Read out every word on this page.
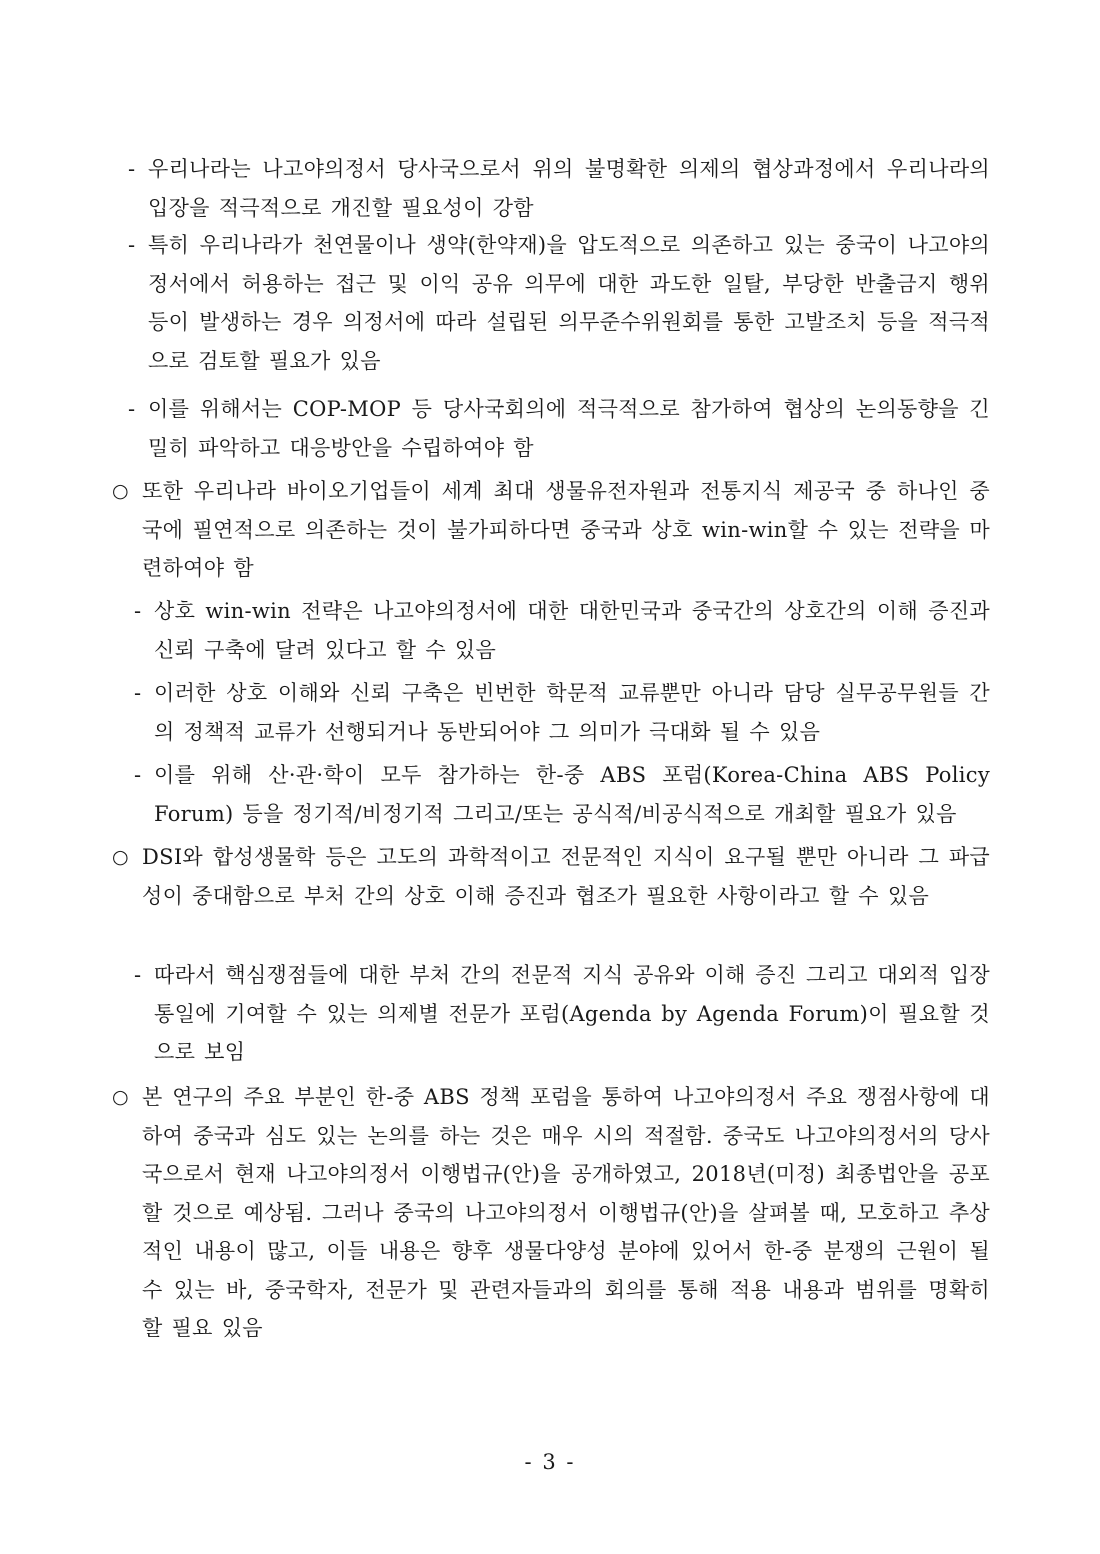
- 우리나라는 나고야의정서 당사국으로서 위의 불명확한 의제의 협상과정에서 우리나라의 입장을 적극적으로 개진할 필요성이 강함
- 특히 우리나라가 천연물이나 생약(한약재)을 압도적으로 의존하고 있는 중국이 나고야의정서에서 허용하는 접근 및 이익 공유 의무에 대한 과도한 일탈, 부당한 반출금지 행위 등이 발생하는 경우 의정서에 따라 설립된 의무준수위원회를 통한 고발조치 등을 적극적으로 검토할 필요가 있음
- 이를 위해서는 COP-MOP 등 당사국회의에 적극적으로 참가하여 협상의 논의동향을 긴밀히 파악하고 대응방안을 수립하여야 함
○ 또한 우리나라 바이오기업들이 세계 최대 생물유전자원과 전통지식 제공국 중 하나인 중국에 필연적으로 의존하는 것이 불가피하다면 중국과 상호 win-win할 수 있는 전략을 마련하여야 함
- 상호 win-win 전략은 나고야의정서에 대한 대한민국과 중국간의 상호간의 이해 증진과 신뢰 구축에 달려 있다고 할 수 있음
- 이러한 상호 이해와 신뢰 구축은 빈번한 학문적 교류뿐만 아니라 담당 실무공무원들 간의 정책적 교류가 선행되거나 동반되어야 그 의미가 극대화 될 수 있음
- 이를 위해 산·관·학이 모두 참가하는 한-중 ABS 포럼(Korea-China ABS Policy Forum) 등을 정기적/비정기적 그리고/또는 공식적/비공식적으로 개최할 필요가 있음
○ DSI와 합성생물학 등은 고도의 과학적이고 전문적인 지식이 요구될 뿐만 아니라 그 파급성이 중대함으로 부처 간의 상호 이해 증진과 협조가 필요한 사항이라고 할 수 있음
- 따라서 핵심쟁점들에 대한 부처 간의 전문적 지식 공유와 이해 증진 그리고 대외적 입장 통일에 기여할 수 있는 의제별 전문가 포럼(Agenda by Agenda Forum)이 필요할 것으로 보임
○ 본 연구의 주요 부분인 한-중 ABS 정책 포럼을 통하여 나고야의정서 주요 쟁점사항에 대하여 중국과 심도 있는 논의를 하는 것은 매우 시의 적절함. 중국도 나고야의정서의 당사국으로서 현재 나고야의정서 이행법규(안)을 공개하였고, 2018년(미정) 최종법안을 공포할 것으로 예상됨. 그러나 중국의 나고야의정서 이행법규(안)을 살펴볼 때, 모호하고 추상적인 내용이 많고, 이들 내용은 향후 생물다양성 분야에 있어서 한-중 분쟁의 근원이 될 수 있는 바, 중국학자, 전문가 및 관련자들과의 회의를 통해 적용 내용과 범위를 명확히 할 필요 있음
- 3 -
